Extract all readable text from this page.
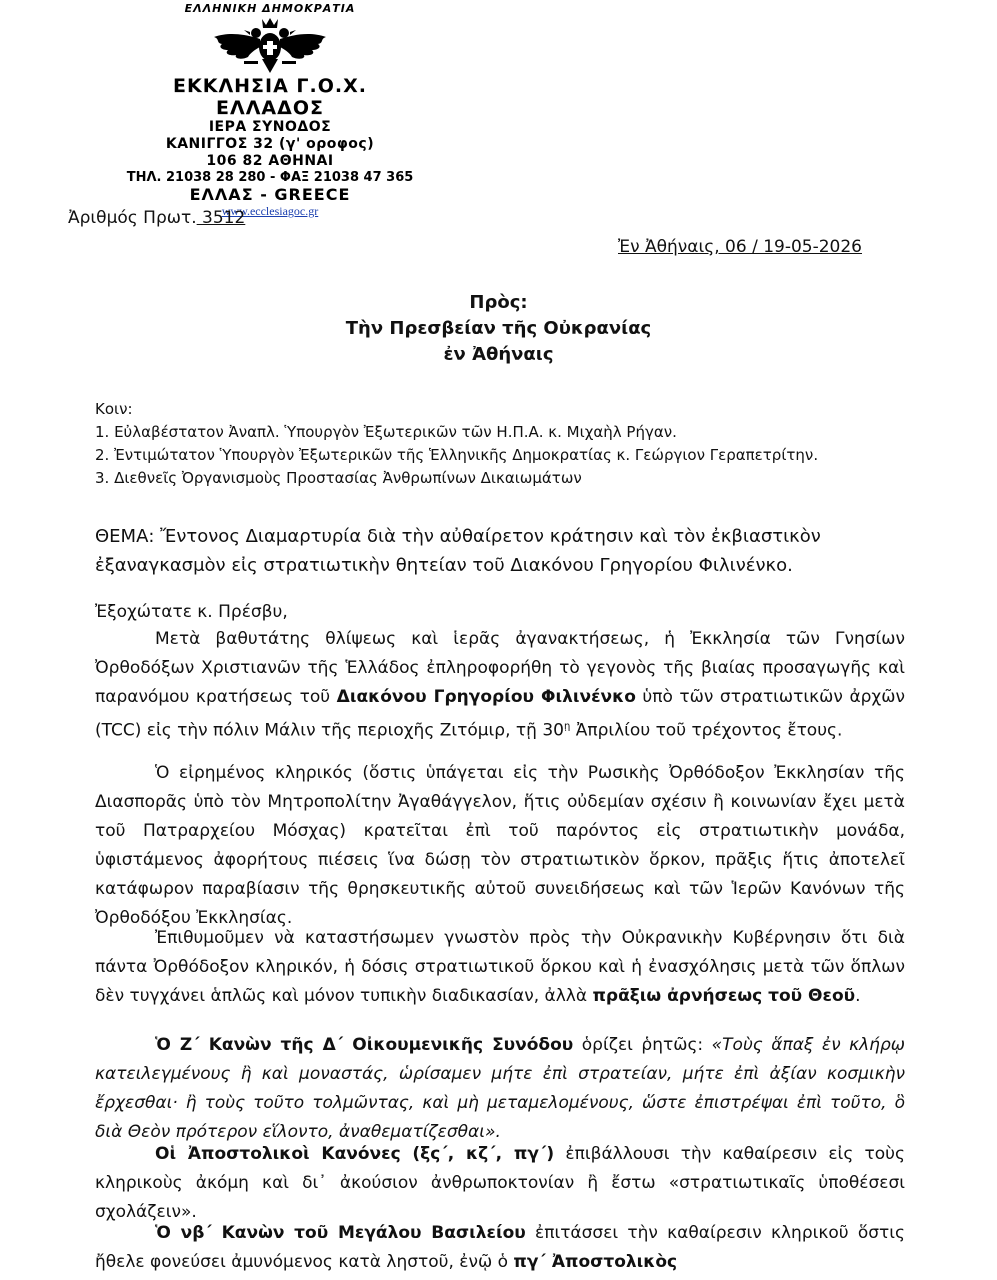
ΕΛΛΗΝΙΚΗ ΔΗΜΟΚΡΑΤΙΑ
ΕΚΚΛΗΣΙΑ Γ.Ο.Χ. ΕΛΛΑΔΟΣ
ΙΕΡΑ ΣΥΝΟΔΟΣ
ΚΑΝΙΓΓΟΣ 32 (γ' οροφος)
106 82 ΑΘΗΝΑΙ
ΤΗΛ. 21038 28 280 - ΦΑΞ 21038 47 365
ΕΛΛΑΣ - GREECE
www.ecclesiagoc.gr
Ἀριθμός Πρωτ. 3512
Ἐν Ἀθήναις, 06 / 19-05-2026
Πρὸς:
Τὴν Πρεσβείαν τῆς Οὐκρανίας
ἐν Ἀθήναις
Κοιν:
1. Εὐλαβέστατον Ἀναπλ. Ὑπουργὸν Ἐξωτερικῶν τῶν Η.Π.Α. κ. Μιχαὴλ Ρήγαν.
2. Ἐντιμώτατον Ὑπουργὸν Ἐξωτερικῶν τῆς Ἑλληνικῆς Δημοκρατίας κ. Γεώργιον Γεραπετρίτην.
3. Διεθνεῖς Ὀργανισμοὺς Προστασίας Ἀνθρωπίνων Δικαιωμάτων
ΘΕΜΑ: Ἔντονος Διαμαρτυρία διὰ τὴν αὐθαίρετον κράτησιν καὶ τὸν ἐκβιαστικὸν
ἐξαναγκασμὸν εἰς στρατιωτικὴν θητείαν τοῦ Διακόνου Γρηγορίου Φιλινένκο.
Ἐξοχώτατε κ. Πρέσβυ,
Μετὰ βαθυτάτης θλίψεως καὶ ἱερᾶς ἀγανακτήσεως, ἡ Ἐκκλησία τῶν Γνησίων Ὀρθοδόξων Χριστιανῶν τῆς Ἑλλάδος ἐπληροφορήθη τὸ γεγονὸς τῆς βιαίας προσαγωγῆς καὶ παρανόμου κρατήσεως τοῦ Διακόνου Γρηγορίου Φιλινένκο ὑπὸ τῶν στρατιωτικῶν ἀρχῶν (TCC) εἰς τὴν πόλιν Μάλιν τῆς περιοχῆς Ζιτόμιρ, τῇ $30^ῃ$ Ἀπριλίου τοῦ τρέχοντος ἔτους.
Ὁ εἰρημένος κληρικός (ὅστις ὑπάγεται εἰς τὴν Ρωσικὴς Ὀρθόδοξον Ἐκκλησίαν τῆς Διασπορᾶς ὑπὸ τὸν Μητροπολίτην Ἀγαθάγγελον, ἥτις οὐδεμίαν σχέσιν ἢ κοινωνίαν ἔχει μετὰ τοῦ Πατραρχείου Μόσχας) κρατεῖται ἐπὶ τοῦ παρόντος εἰς στρατιωτικὴν μονάδα, ὑφιστάμενος ἀφορήτους πιέσεις ἵνα δώσῃ τὸν στρατιωτικὸν ὅρκον, πρᾶξις ἥτις ἀποτελεῖ κατάφωρον παραβίασιν τῆς θρησκευτικῆς αὐτοῦ συνειδήσεως καὶ τῶν Ἱερῶν Κανόνων τῆς Ὀρθοδόξου Ἐκκλησίας.
Ἐπιθυμοῦμεν νὰ καταστήσωμεν γνωστὸν πρὸς τὴν Οὐκρανικὴν Κυβέρνησιν ὅτι διὰ πάντα Ὀρθόδοξον κληρικόν, ἡ δόσις στρατιωτικοῦ ὅρκου καὶ ἡ ἐνασχόλησις μετὰ τῶν ὅπλων δὲν τυγχάνει ἁπλῶς καὶ μόνον τυπικὴν διαδικασίαν, ἀλλὰ πρᾶξιω ἀρνήσεως τοῦ Θεοῦ.
Ὁ Ζ΄ Κανὼν τῆς Δ΄ Οἰκουμενικῆς Συνόδου ὁρίζει ῥητῶς: «Τοὺς ἅπαξ ἐν κλήρῳ κατειλεγμένους ἢ καὶ μοναστάς, ὡρίσαμεν μήτε ἐπὶ στρατείαν, μήτε ἐπὶ ἀξίαν κοσμικὴν ἔρχεσθαι· ἢ τοὺς τοῦτο τολμῶντας, καὶ μὴ μεταμελομένους, ὥστε ἐπιστρέψαι ἐπὶ τοῦτο, ὃ διὰ Θεὸν πρότερον εἵλοντο, ἀναθεματίζεσθαι».
Οἱ Ἀποστολικοὶ Κανόνες (ξς΄, κζ΄, πγ΄) ἐπιβάλλουσι τὴν καθαίρεσιν εἰς τοὺς κληρικοὺς ἀκόμη καὶ δι᾽ ἀκούσιον ἀνθρωποκτονίαν ἢ ἔστω «στρατιωτικαῖς ὑποθέσεσι σχολάζειν».
Ὁ νβ΄ Κανὼν τοῦ Μεγάλου Βασιλείου ἐπιτάσσει τὴν καθαίρεσιν κληρικοῦ ὅστις ἤθελε φονεύσει ἀμυνόμενος κατὰ ληστοῦ, ἐνῷ ὁ πγ΄ Ἀποστολικὸς
